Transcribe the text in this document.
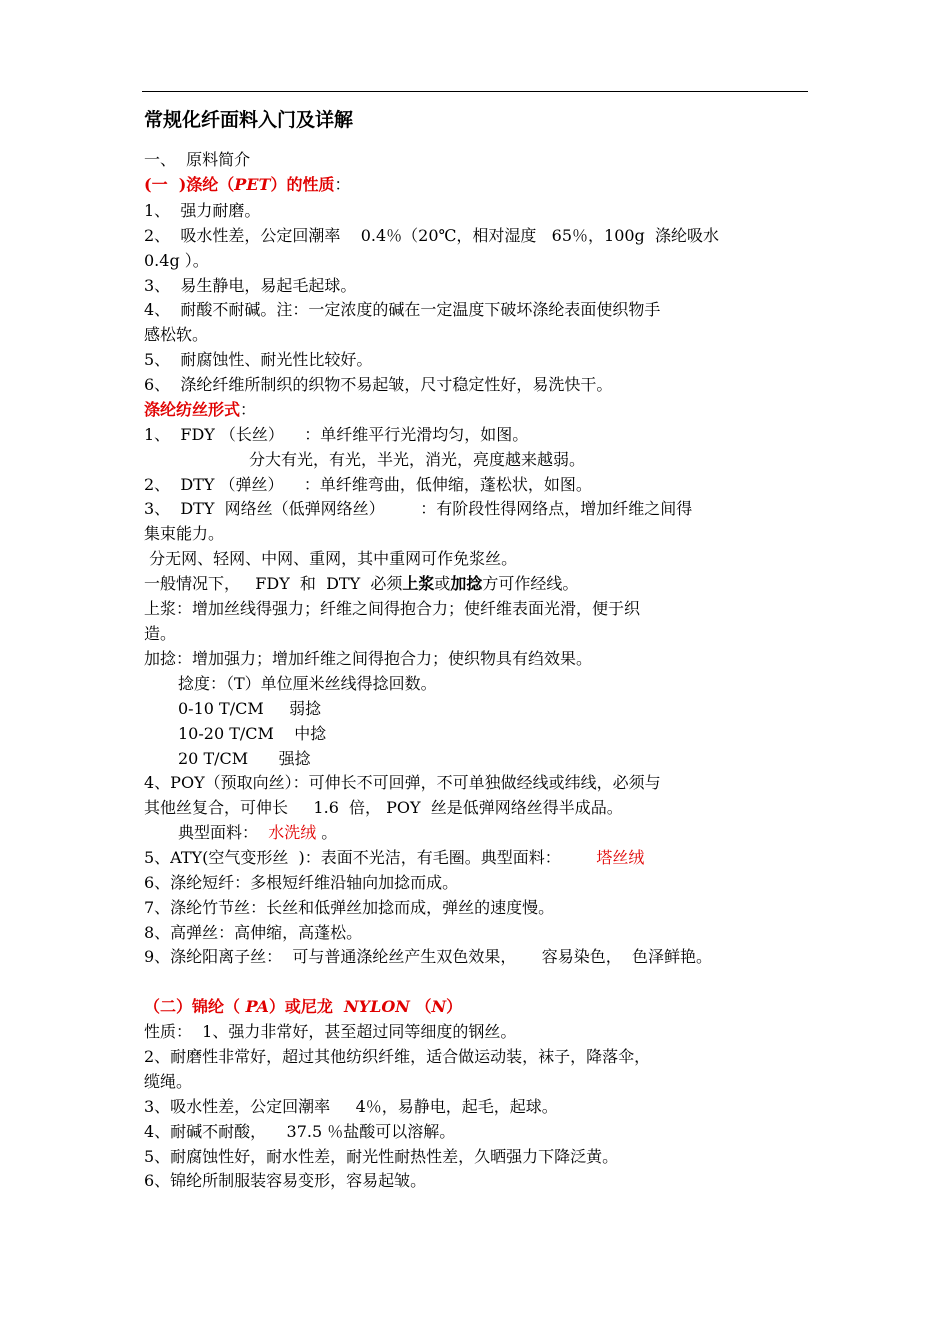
常规化纤面料入门及详解
一、  原料简介
(一  )涤纶（PET）的性质：
1、  强力耐磨。
2、  吸水性差，公定回潮率    0.4％（20℃，相对湿度   65％，100g  涤纶吸水
0.4g ）。
3、  易生静电，易起毛起球。
4、  耐酸不耐碱。注：一定浓度的碱在一定温度下破坏涤纶表面使织物手
感松软。
5、  耐腐蚀性、耐光性比较好。
6、  涤纶纤维所制织的织物不易起皱，尺寸稳定性好，易洗快干。
涤纶纺丝形式：
1、  FDY （长丝）    ：单纤维平行光滑均匀，如图。
分大有光，有光，半光，消光，亮度越来越弱。
2、  DTY （弹丝）    ：单纤维弯曲，低伸缩，蓬松状，如图。
3、  DTY  网络丝（低弹网络丝）       ：有阶段性得网络点，增加纤维之间得
集束能力。
分无网、轻网、中网、重网，其中重网可作免浆丝。
一般情况下，   FDY  和  DTY  必须上浆或加捻方可作经线。
上浆：增加丝线得强力；纤维之间得抱合力；使纤维表面光滑，便于织
造。
加捻：增加强力；增加纤维之间得抱合力；使织物具有绉效果。
捻度：（T）单位厘米丝线得捻回数。
0-10 T/CM     弱捻
10-20 T/CM    中捻
20 T/CM      强捻
4、POY（预取向丝）：可伸长不可回弹，不可单独做经线或纬线，必须与
其他丝复合，可伸长     1.6  倍， POY  丝是低弹网络丝得半成品。
典型面料：  水洗绒 。
5、ATY(空气变形丝  )：表面不光洁，有毛圈。典型面料：       塔丝绒
6、涤纶短纤：多根短纤维沿轴向加捻而成。
7、涤纶竹节丝：长丝和低弹丝加捻而成，弹丝的速度慢。
8、高弹丝：高伸缩，高蓬松。
9、涤纶阳离子丝：  可与普通涤纶丝产生双色效果，     容易染色，  色泽鲜艳。
（二）锦纶（ PA）或尼龙  NYLON （N）
性质：  1、强力非常好，甚至超过同等细度的钢丝。
2、耐磨性非常好，超过其他纺织纤维，适合做运动装，袜子，降落伞，
缆绳。
3、吸水性差，公定回潮率     4％，易静电，起毛，起球。
4、耐碱不耐酸，    37.5 ％盐酸可以溶解。
5、耐腐蚀性好，耐水性差，耐光性耐热性差，久晒强力下降泛黄。
6、锦纶所制服装容易变形，容易起皱。
